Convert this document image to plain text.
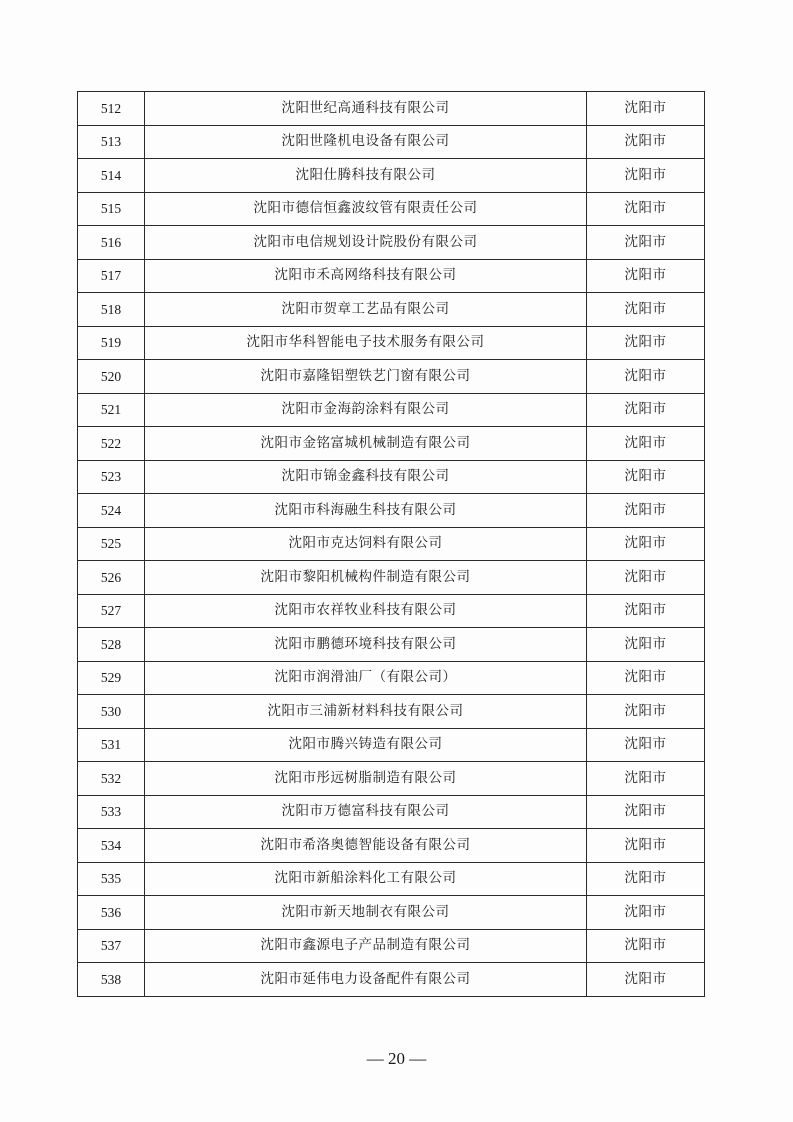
512	沈阳世纪高通科技有限公司	沈阳市
513	沈阳世隆机电设备有限公司	沈阳市
514	沈阳仕腾科技有限公司	沈阳市
515	沈阳市德信恒鑫波纹管有限责任公司	沈阳市
516	沈阳市电信规划设计院股份有限公司	沈阳市
517	沈阳市禾高网络科技有限公司	沈阳市
518	沈阳市贺章工艺品有限公司	沈阳市
519	沈阳市华科智能电子技术服务有限公司	沈阳市
520	沈阳市嘉隆铝塑铁艺门窗有限公司	沈阳市
521	沈阳市金海韵涂料有限公司	沈阳市
522	沈阳市金铭富城机械制造有限公司	沈阳市
523	沈阳市锦金鑫科技有限公司	沈阳市
524	沈阳市科海融生科技有限公司	沈阳市
525	沈阳市克达饲料有限公司	沈阳市
526	沈阳市黎阳机械构件制造有限公司	沈阳市
527	沈阳市农祥牧业科技有限公司	沈阳市
528	沈阳市鹏德环境科技有限公司	沈阳市
529	沈阳市润滑油厂（有限公司）	沈阳市
530	沈阳市三浦新材料科技有限公司	沈阳市
531	沈阳市腾兴铸造有限公司	沈阳市
532	沈阳市彤远树脂制造有限公司	沈阳市
533	沈阳市万德富科技有限公司	沈阳市
534	沈阳市希洛奥德智能设备有限公司	沈阳市
535	沈阳市新船涂料化工有限公司	沈阳市
536	沈阳市新天地制衣有限公司	沈阳市
537	沈阳市鑫源电子产品制造有限公司	沈阳市
538	沈阳市延伟电力设备配件有限公司	沈阳市
— 20 —
